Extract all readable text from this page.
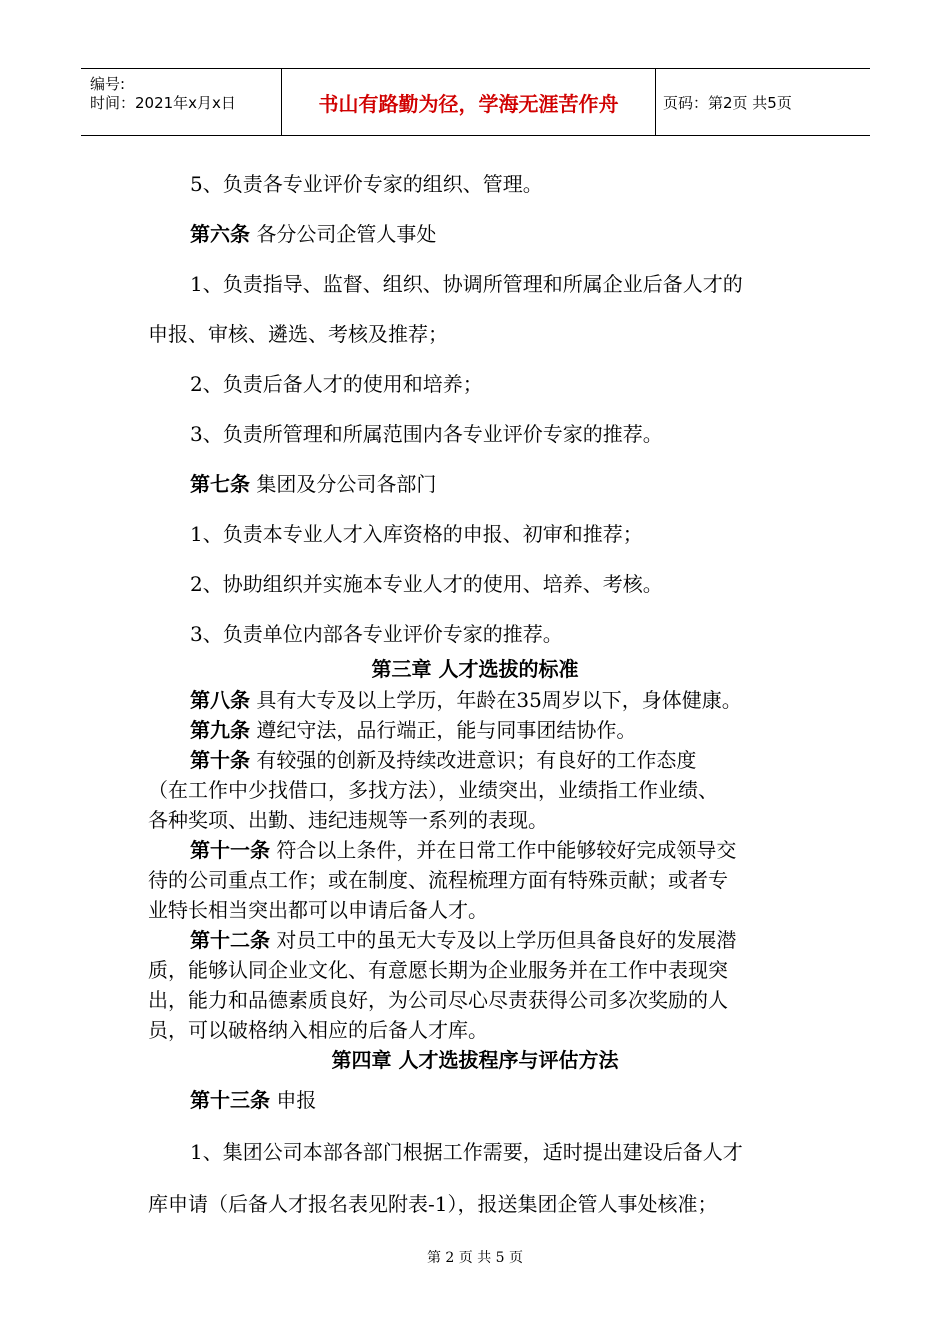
编号:
时间：2021年x月x日	书山有路勤为径，学海无涯苦作舟	页码：第2页 共5页
5、负责各专业评价专家的组织、管理。
第六条 各分公司企管人事处
1、负责指导、监督、组织、协调所管理和所属企业后备人才的
申报、审核、遴选、考核及推荐；
2、负责后备人才的使用和培养；
3、负责所管理和所属范围内各专业评价专家的推荐。
第七条 集团及分公司各部门
1、负责本专业人才入库资格的申报、初审和推荐；
2、协助组织并实施本专业人才的使用、培养、考核。
3、负责单位内部各专业评价专家的推荐。
第三章 人才选拔的标准
第八条 具有大专及以上学历，年龄在35周岁以下，身体健康。
第九条 遵纪守法，品行端正，能与同事团结协作。
第十条 有较强的创新及持续改进意识；有良好的工作态度
（在工作中少找借口，多找方法），业绩突出，业绩指工作业绩、
各种奖项、出勤、违纪违规等一系列的表现。
第十一条 符合以上条件，并在日常工作中能够较好完成领导交
待的公司重点工作；或在制度、流程梳理方面有特殊贡献；或者专
业特长相当突出都可以申请后备人才。
第十二条 对员工中的虽无大专及以上学历但具备良好的发展潜
质，能够认同企业文化、有意愿长期为企业服务并在工作中表现突
出，能力和品德素质良好，为公司尽心尽责获得公司多次奖励的人
员，可以破格纳入相应的后备人才库。
第四章 人才选拔程序与评估方法
第十三条 申报
1、集团公司本部各部门根据工作需要，适时提出建设后备人才
库申请（后备人才报名表见附表-1），报送集团企管人事处核准；
第 2 页 共 5 页
